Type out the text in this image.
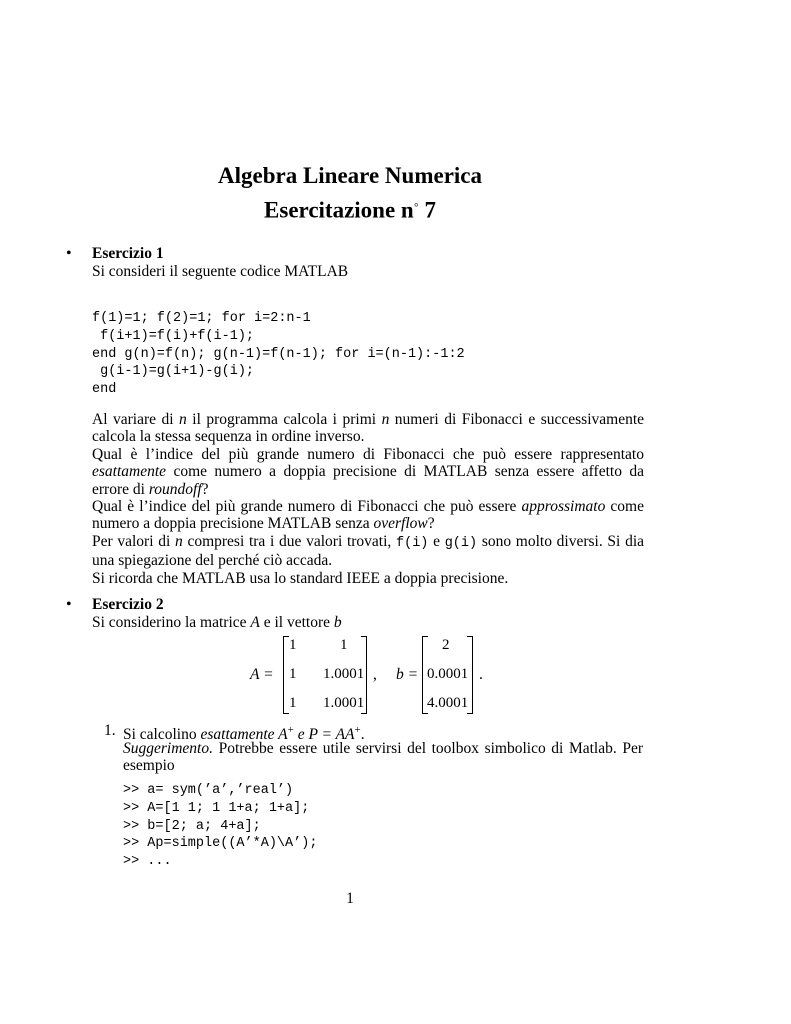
Algebra Lineare Numerica
Esercitazione n◦ 7
• Esercizio 1
Si consideri il seguente codice MATLAB
f(1)=1; f(2)=1; for i=2:n-1
f(i+1)=f(i)+f(i-1);
end g(n)=f(n); g(n-1)=f(n-1); for i=(n-1):-1:2
g(i-1)=g(i+1)-g(i);
end

Al variare di n il programma calcola i primi n numeri di Fibonacci e successivamente calcola la stessa sequenza in ordine inverso.

Qual è l’indice del più grande numero di Fibonacci che può essere rappresentato esattamente come numero a doppia precisione di MATLAB senza essere affetto da errore di roundoff?

Qual è l’indice del più grande numero di Fibonacci che può essere approssimato come numero a doppia precisione MATLAB senza overflow?

Per valori di n compresi tra i due valori trovati, f(i) e g(i) sono molto diversi. Si dia una spiegazione del perché ciò accada.

Si ricorda che MATLAB usa lo standard IEEE a doppia precisione.

• Esercizio 2
Si considerino la matrice A e il vettore b
A =
1	1
1 1.0001
1 1.0001
, b =
2
0.0001
4.0001
.
1. Si calcolino esattamente A+ e P = AA+.
Suggerimento. Potrebbe essere utile servirsi del toolbox simbolico di Matlab. Per esempio
>> a= sym(’a’,’real’)
>> A=[1 1; 1 1+a; 1+a];
>> b=[2; a; 4+a];
>> Ap=simple((A’*A)\A’);
>> ...
1
